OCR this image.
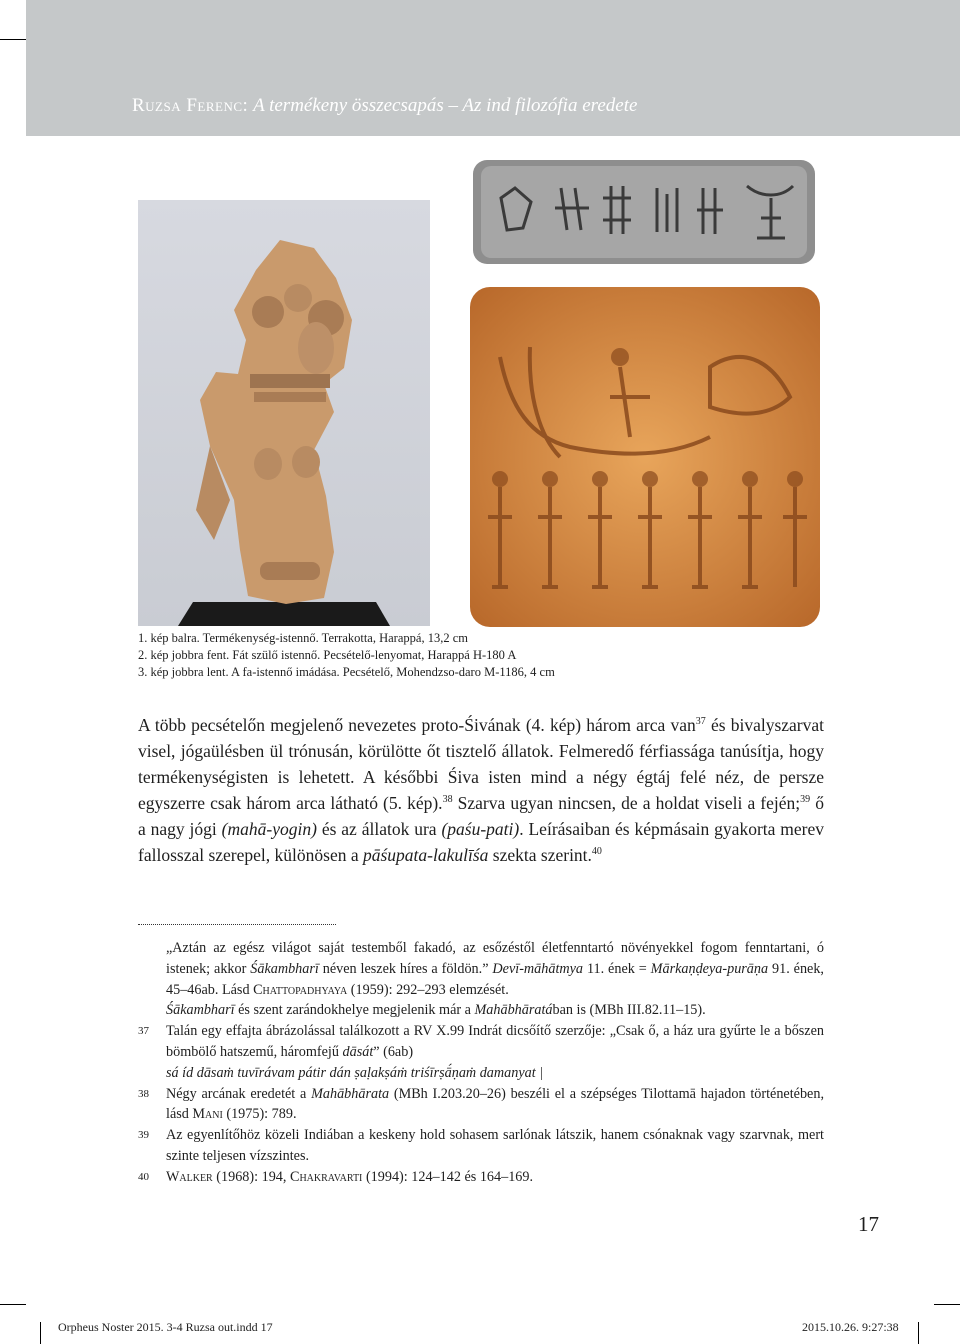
Ruzsa Ferenc: A termékeny összecsapás – Az ind filozófia eredete
1. kép balra. Termékenység-istennő. Terrakotta, Harappá, 13,2 cm
2. kép jobbra fent. Fát szülő istennő. Pecsételő-lenyomat, Harappá H-180 A
3. kép jobbra lent. A fa-istennő imádása. Pecsételő, Mohendzso-daro M-1186, 4 cm

A több pecsételőn megjelenő nevezetes proto-Śivának (4. kép) három arca van$^{37}$ és bivalyszarvat visel, jógaülésben ül trónusán, körülötte őt tisztelő állatok. Felmeredő férfiassága tanúsítja, hogy termékenységisten is lehetett. A későbbi Śiva isten mind a négy égtáj felé néz, de persze egyszerre csak három arca látható (5. kép).$^{38}$ Szarva ugyan nincsen, de a holdat viseli a fején;$^{39}$ ő a nagy jógi (mahā-yogin) és az állatok ura (paśu-pati). Leírásaiban és képmásain gyakorta merev fallosszal szerepel, különösen a pāśupata-lakulīśa szekta szerint.$^{40}$

„Aztán az egész világot saját testemből fakadó, az esőzéstől életfenntartó növényekkel fogom fenntartani, ó istenek; akkor Śākambharī néven leszek híres a földön.” Devī-māhātmya 11. ének = Mārkaṇḍeya-purāṇa 91. ének, 45–46ab. Lásd Chattopadhyaya (1959): 292–293 elemzését.
Śākambharī és szent zarándokhelye megjelenik már a Mahābhāratában is (MBh III.82.11–15).
37 Talán egy effajta ábrázolással találkozott a RV X.99 Indrát dicsőítő szerzője: „Csak ő, a ház ura gyűrte le a bőszen bömbölő hatszemű, háromfejű dāsát” (6ab)
sá íd dāsaṁ tuvīrávam pátir dán ṣaḷakṣáṁ triśīrṣā́ṇaṁ damanyat |
38 Négy arcának eredetét a Mahābhārata (MBh I.203.20–26) beszéli el a szépséges Tilottamā hajadon történetében, lásd Mani (1975): 789.
39 Az egyenlítőhöz közeli Indiában a keskeny hold sohasem sarlónak látszik, hanem csónaknak vagy szarvnak, mert szinte teljesen vízszintes.
40 Walker (1968): 194, Chakravarti (1994): 124–142 és 164–169.
17
Orpheus Noster 2015. 3-4 Ruzsa out.indd 17	2015.10.26. 9:27:38
